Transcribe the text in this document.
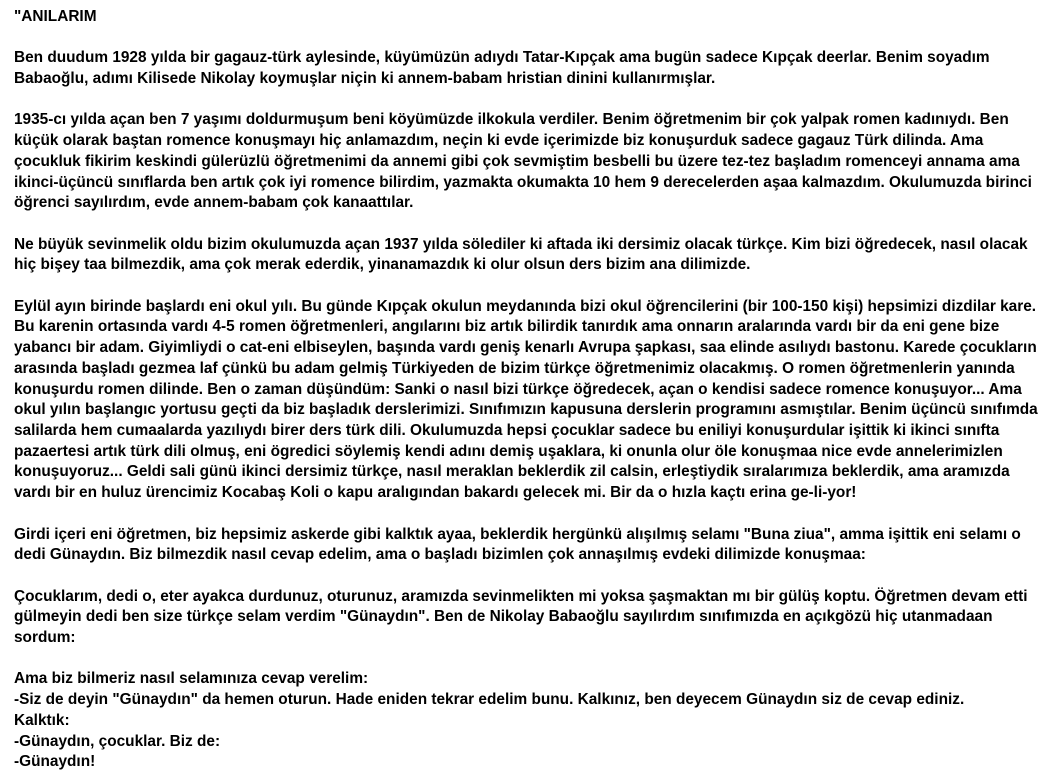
"ANILARIM

Ben duudum 1928 yılda bir gagauz-türk aylesinde, küyümüzün adıydı Tatar-Kıpçak ama bugün sadece Kıpçak deerlar. Benim soyadım Babaoğlu, adımı Kilisede Nikolay koymuşlar niçin ki annem-babam hristian dinini kullanırmışlar.

1935-cı yılda açan ben 7 yaşımı doldurmuşum beni köyümüzde ilkokula verdiler. Benim öğretmenim bir çok yalpak romen kadınıydı. Ben küçük olarak baştan romence konuşmayı hiç anlamazdım, neçin ki evde içerimizde biz konuşurduk sadece gagauz Türk dilinda. Ama çocukluk fikirim keskindi gülerüzlü öğretmenimi da annemi gibi çok sevmiştim besbelli bu üzere tez-tez başladım romenceyi annama ama ikinci-üçüncü sınıflarda ben artık çok iyi romence bilirdim, yazmakta okumakta 10 hem 9 derecelerden aşaa kalmazdım. Okulumuzda birinci öğrenci sayılırdım, evde annem-babam çok kanaattılar.

Ne büyük sevinmelik oldu bizim okulumuzda açan 1937 yılda sölediler ki aftada iki dersimiz olacak türkçe. Kim bizi öğredecek, nasıl olacak hiç bişey taa bilmezdik, ama çok merak ederdik, yinanamazdık ki olur olsun ders bizim ana dilimizde.

Eylül ayın birinde başlardı eni okul yılı. Bu günde Kıpçak okulun meydanında bizi okul öğrencilerini (bir 100-150 kişi) hepsimizi dizdilar kare. Bu karenin ortasında vardı 4-5 romen öğretmenleri, angılarını biz artık bilirdik tanırdık ama onnarın aralarında vardı bir da eni gene bize yabancı bir adam. Giyimliydi o cat-eni elbiseylen, başında vardı geniş kenarlı Avrupa şapkası, saa elinde asılıydı bastonu. Karede çocukların arasında başladı gezmea laf çünkü bu adam gelmiş Türkiyeden de bizim türkçe öğretmenimiz olacakmış. O romen öğretmenlerin yanında konuşurdu romen dilinde. Ben o zaman düşündüm: Sanki o nasıl bizi türkçe öğredecek, açan o kendisi sadece romence konuşuyor... Ama okul yılın başlangıc yortusu geçti da biz başladık derslerimizi. Sınıfımızın kapusuna derslerin programını asmıştılar. Benim üçüncü sınıfımda salilarda hem cumaalarda yazılıydı birer ders türk dili. Okulumuzda hepsi çocuklar sadece bu eniliyi konuşurdular işittik ki ikinci sınıfta pazaertesi artık türk dili olmuş, eni ögredici söylemiş kendi adını demiş uşaklara, ki onunla olur öle konuşmaa nice evde annelerimizlen konuşuyoruz... Geldi sali günü ikinci dersimiz türkçe, nasıl meraklan beklerdik zil calsin, erleştiydik sıralarımıza beklerdik, ama aramızda vardı bir en huluz ürencimiz Kocabaş Koli o kapu aralıgından bakardı gelecek mi. Bir da o hızla kaçtı erina ge-li-yor!

Girdi içeri eni öğretmen, biz hepsimiz askerde gibi kalktık ayaa, beklerdik hergünkü alışılmış selamı "Buna ziua", amma işittik eni selamı o dedi Günaydın. Biz bilmezdik nasıl cevap edelim, ama o başladı bizimlen çok annaşılmış evdeki dilimizde konuşmaa:

Çocuklarım, dedi o, eter ayakca durdunuz, oturunuz, aramızda sevinmelikten mi yoksa şaşmaktan mı bir gülüş koptu. Öğretmen devam etti gülmeyin dedi ben size türkçe selam verdim "Günaydın". Ben de Nikolay Babaoğlu sayılırdım sınıfımızda en açıkgözü hiç utanmadaan sordum:

Ama biz bilmeriz nasıl selamınıza cevap verelim:
-Siz de deyin "Günaydın" da hemen oturun. Hade eniden tekrar edelim bunu. Kalkınız, ben deyecem Günaydın siz de cevap ediniz.
Kalktık:
-Günaydın, çocuklar. Biz de:
-Günaydın!
